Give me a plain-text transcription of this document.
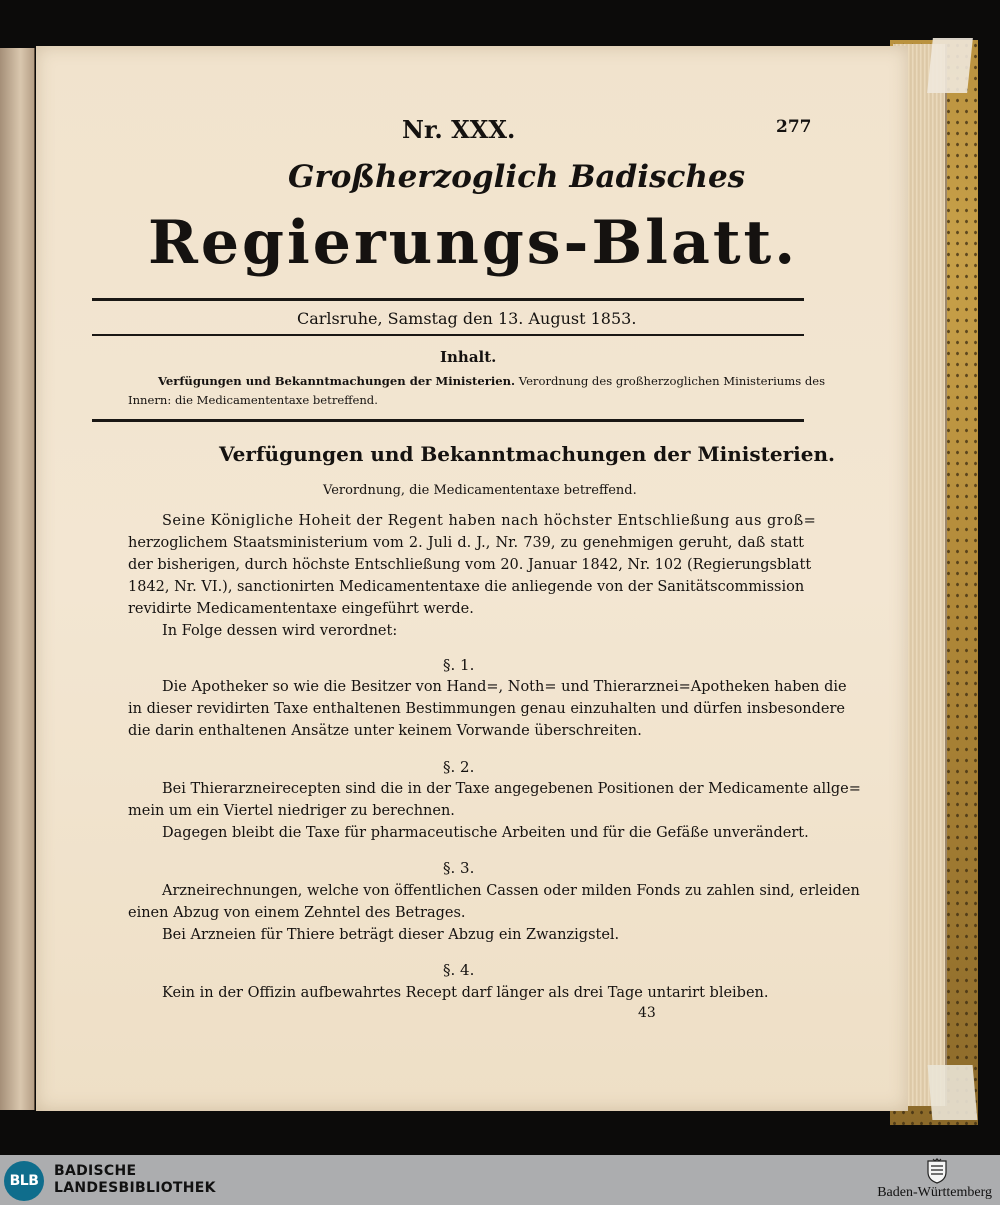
Nr. XXX.	277
Großherzoglich Badisches
Regierungs-Blatt.
Carlsruhe, Samstag den 13. August 1853.
Inhalt.
Verfügungen und Bekanntmachungen der Ministerien. Verordnung des großherzoglichen Ministeriums des
Innern: die Medicamententaxe betreffend.
Verfügungen und Bekanntmachungen der Ministerien.
Verordnung, die Medicamententaxe betreffend.
Seine Königliche Hoheit der Regent haben nach höchster Entschließung aus groß=
herzoglichem Staatsministerium vom 2. Juli d. J., Nr. 739, zu genehmigen geruht, daß statt
der bisherigen, durch höchste Entschließung vom 20. Januar 1842, Nr. 102 (Regierungsblatt
1842, Nr. VI.), sanctionirten Medicamententaxe die anliegende von der Sanitätscommission
revidirte Medicamententaxe eingeführt werde.
In Folge dessen wird verordnet:
§. 1.
Die Apotheker so wie die Besitzer von Hand=, Noth= und Thierarznei=Apotheken haben die
in dieser revidirten Taxe enthaltenen Bestimmungen genau einzuhalten und dürfen insbesondere
die darin enthaltenen Ansätze unter keinem Vorwande überschreiten.
§. 2.
Bei Thierarzneirecepten sind die in der Taxe angegebenen Positionen der Medicamente allge=
mein um ein Viertel niedriger zu berechnen.
Dagegen bleibt die Taxe für pharmaceutische Arbeiten und für die Gefäße unverändert.
§. 3.
Arzneirechnungen, welche von öffentlichen Cassen oder milden Fonds zu zahlen sind, erleiden
einen Abzug von einem Zehntel des Betrages.
Bei Arzneien für Thiere beträgt dieser Abzug ein Zwanzigstel.
§. 4.
Kein in der Offizin aufbewahrtes Recept darf länger als drei Tage untarirt bleiben.
43
BLB
BADISCHE
LANDESBIBLIOTHEK	Baden-Württemberg
